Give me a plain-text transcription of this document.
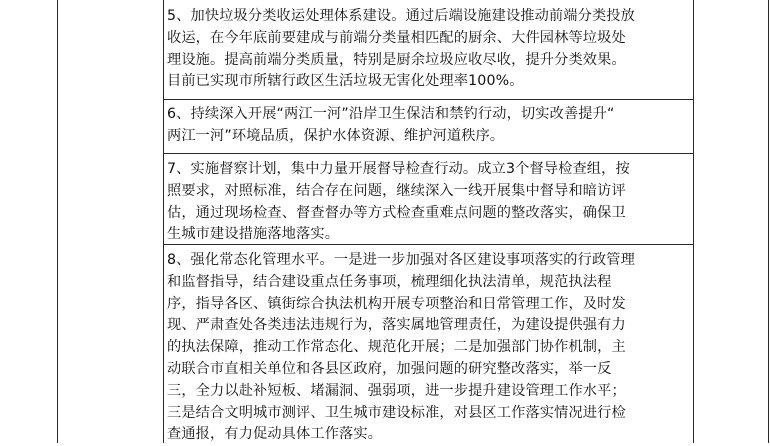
5、加快垃圾分类收运处理体系建设。通过后端设施建设推动前端分类投放

收运，在今年底前要建成与前端分类量相匹配的厨余、大件园林等垃圾处

理设施。提高前端分类质量，特别是厨余垃圾应收尽收，提升分类效果。

目前已实现市所辖行政区生活垃圾无害化处理率100%。

6、持续深入开展“两江一河”沿岸卫生保洁和禁钓行动，切实改善提升“

两江一河”环境品质，保护水体资源、维护河道秩序。

7、实施督察计划，集中力量开展督导检查行动。成立3个督导检查组，按

照要求，对照标准，结合存在问题，继续深入一线开展集中督导和暗访评

估，通过现场检查、督查督办等方式检查重难点问题的整改落实，确保卫

生城市建设措施落地落实。

8、强化常态化管理水平。一是进一步加强对各区建设事项落实的行政管理

和监督指导，结合建设重点任务事项，梳理细化执法清单，规范执法程

序，指导各区、镇街综合执法机构开展专项整治和日常管理工作，及时发

现、严肃查处各类违法违规行为，落实属地管理责任，为建设提供强有力

的执法保障，推动工作常态化、规范化开展；二是加强部门协作机制，主

动联合市直相关单位和各县区政府，加强问题的研究整改落实，举一反

三，全力以赴补短板、堵漏洞、强弱项，进一步提升建设管理工作水平；

三是结合文明城市测评、卫生城市建设标准，对县区工作落实情况进行检

查通报，有力促动具体工作落实。
